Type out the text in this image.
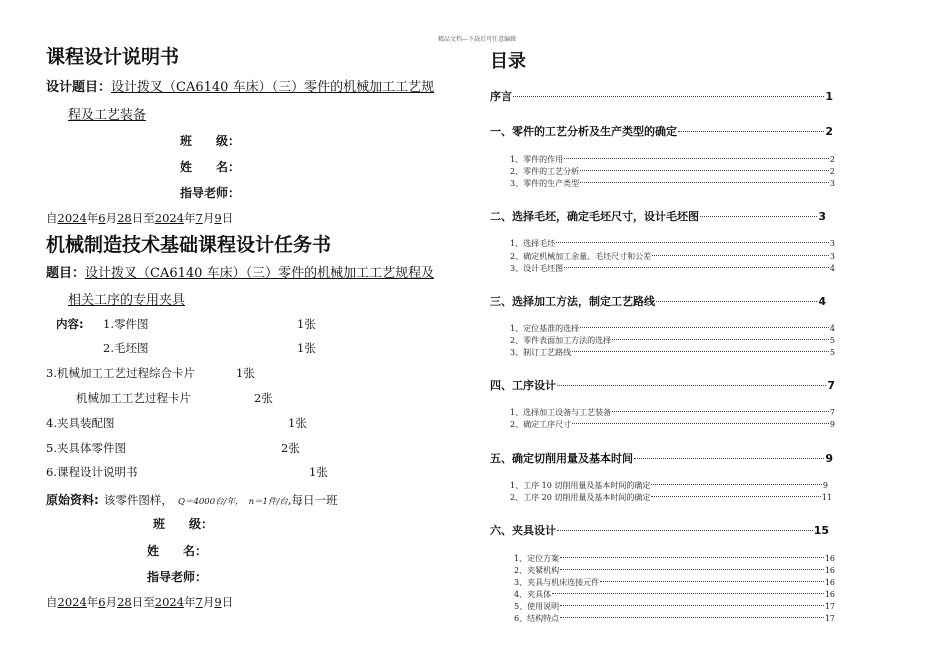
精品文档---下载后可任意编辑
课程设计说明书
设计题目：设计拨叉（CA6140 车床）（三）零件的机械加工工艺规
程及工艺装备
班　　级：
姓　　名：
指导老师：
自2024年6月28日至2024年7月9日
机械制造技术基础课程设计任务书
题目：设计拨叉（CA6140 车床）（三）零件的机械加工工艺规程及
相关工序的专用夹具
内容: 1.零件图	1张
2.毛坯图	1张
3.机械加工工艺过程综合卡片	1张
机械加工工艺过程卡片	2张
4.夹具装配图	1张
5.夹具体零件图	2张
6.课程设计说明书	1张
原始资料: 该零件图样， Q＝4000台/年， n＝1件/台,每日一班
班　　级：
姓　　名：
指导老师：
自2024年6月28日至2024年7月9日
目录
序言	1
一、零件的工艺分析及生产类型的确定	2
1、零件的作用	2
2、零件的工艺分析	2
3、零件的生产类型	3
二、选择毛坯，确定毛坯尺寸，设计毛坯图	3
1、选择毛坯	3
2、确定机械加工余量、毛坯尺寸和公差	3
3、设计毛坯图	4
三、选择加工方法，制定工艺路线	4
1、定位基准的选择	4
2、零件表面加工方法的选择	5
3、制订工艺路线	5
四、工序设计	7
1、选择加工设备与工艺装备	7
2、确定工序尺寸	9
五、确定切削用量及基本时间	9
1、工序 10 切削用量及基本时间的确定	9
2、工序 20 切削用量及基本时间的确定	11
六、夹具设计	15
1、定位方案	16
2、夹紧机构	16
3、夹具与机床连接元件	16
4、夹具体	16
5、使用说明	17
6、结构特点	17
